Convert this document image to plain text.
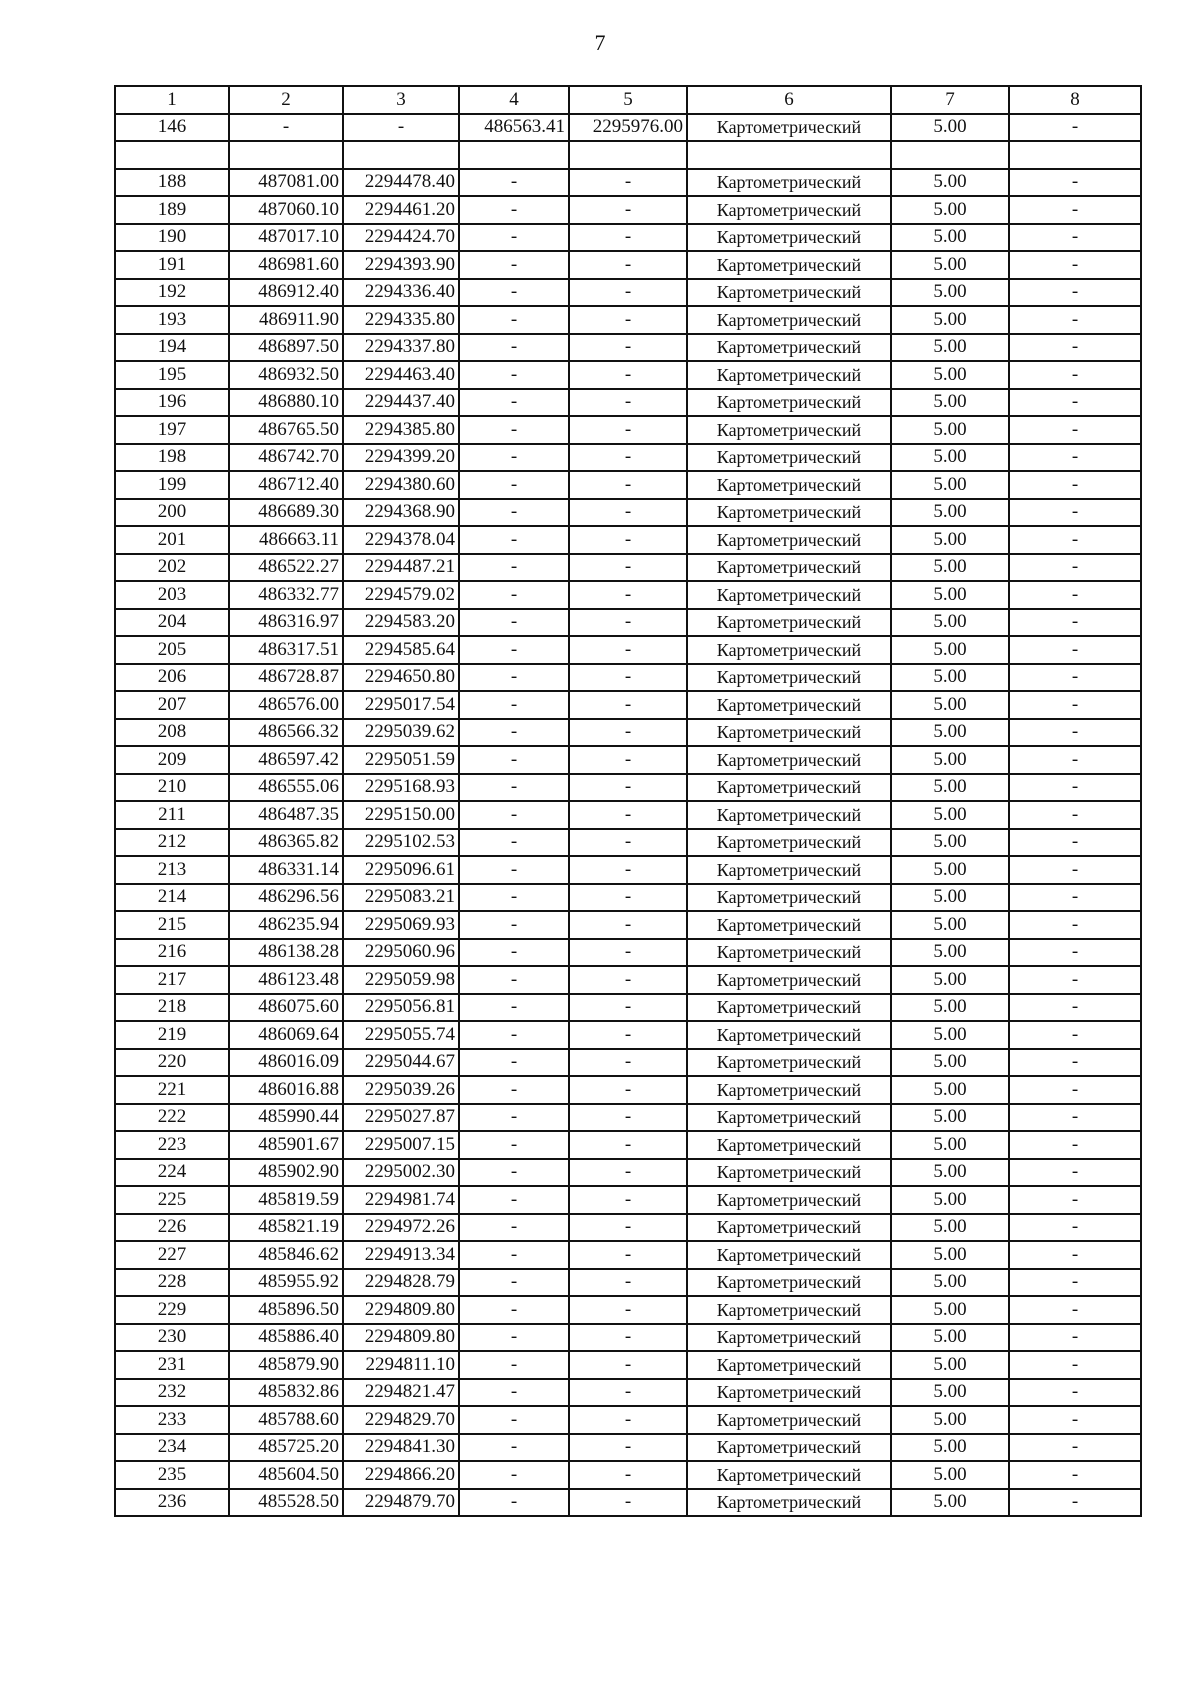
7
1	2	3	4	5	6	7	8
146	-	-	486563.41	2295976.00	Картометрический	5.00	-

188	487081.00	2294478.40	-	-	Картометрический	5.00	-
189	487060.10	2294461.20	-	-	Картометрический	5.00	-
190	487017.10	2294424.70	-	-	Картометрический	5.00	-
191	486981.60	2294393.90	-	-	Картометрический	5.00	-
192	486912.40	2294336.40	-	-	Картометрический	5.00	-
193	486911.90	2294335.80	-	-	Картометрический	5.00	-
194	486897.50	2294337.80	-	-	Картометрический	5.00	-
195	486932.50	2294463.40	-	-	Картометрический	5.00	-
196	486880.10	2294437.40	-	-	Картометрический	5.00	-
197	486765.50	2294385.80	-	-	Картометрический	5.00	-
198	486742.70	2294399.20	-	-	Картометрический	5.00	-
199	486712.40	2294380.60	-	-	Картометрический	5.00	-
200	486689.30	2294368.90	-	-	Картометрический	5.00	-
201	486663.11	2294378.04	-	-	Картометрический	5.00	-
202	486522.27	2294487.21	-	-	Картометрический	5.00	-
203	486332.77	2294579.02	-	-	Картометрический	5.00	-
204	486316.97	2294583.20	-	-	Картометрический	5.00	-
205	486317.51	2294585.64	-	-	Картометрический	5.00	-
206	486728.87	2294650.80	-	-	Картометрический	5.00	-
207	486576.00	2295017.54	-	-	Картометрический	5.00	-
208	486566.32	2295039.62	-	-	Картометрический	5.00	-
209	486597.42	2295051.59	-	-	Картометрический	5.00	-
210	486555.06	2295168.93	-	-	Картометрический	5.00	-
211	486487.35	2295150.00	-	-	Картометрический	5.00	-
212	486365.82	2295102.53	-	-	Картометрический	5.00	-
213	486331.14	2295096.61	-	-	Картометрический	5.00	-
214	486296.56	2295083.21	-	-	Картометрический	5.00	-
215	486235.94	2295069.93	-	-	Картометрический	5.00	-
216	486138.28	2295060.96	-	-	Картометрический	5.00	-
217	486123.48	2295059.98	-	-	Картометрический	5.00	-
218	486075.60	2295056.81	-	-	Картометрический	5.00	-
219	486069.64	2295055.74	-	-	Картометрический	5.00	-
220	486016.09	2295044.67	-	-	Картометрический	5.00	-
221	486016.88	2295039.26	-	-	Картометрический	5.00	-
222	485990.44	2295027.87	-	-	Картометрический	5.00	-
223	485901.67	2295007.15	-	-	Картометрический	5.00	-
224	485902.90	2295002.30	-	-	Картометрический	5.00	-
225	485819.59	2294981.74	-	-	Картометрический	5.00	-
226	485821.19	2294972.26	-	-	Картометрический	5.00	-
227	485846.62	2294913.34	-	-	Картометрический	5.00	-
228	485955.92	2294828.79	-	-	Картометрический	5.00	-
229	485896.50	2294809.80	-	-	Картометрический	5.00	-
230	485886.40	2294809.80	-	-	Картометрический	5.00	-
231	485879.90	2294811.10	-	-	Картометрический	5.00	-
232	485832.86	2294821.47	-	-	Картометрический	5.00	-
233	485788.60	2294829.70	-	-	Картометрический	5.00	-
234	485725.20	2294841.30	-	-	Картометрический	5.00	-
235	485604.50	2294866.20	-	-	Картометрический	5.00	-
236	485528.50	2294879.70	-	-	Картометрический	5.00	-
